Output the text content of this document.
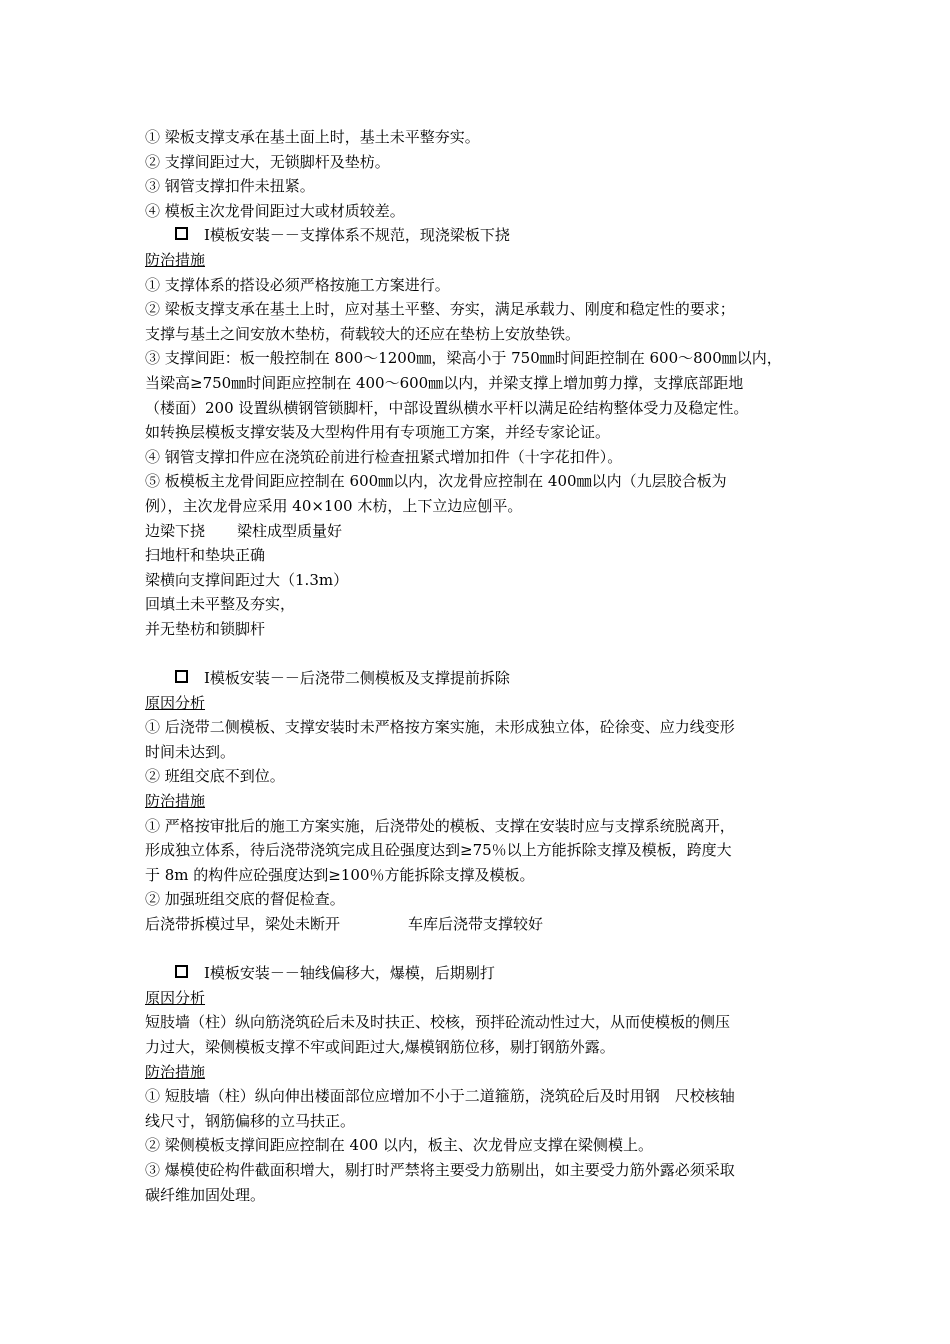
① 梁板支撑支承在基土面上时，基土未平整夯实。
② 支撑间距过大，无锁脚杆及垫枋。
③ 钢管支撑扣件未扭紧。
④ 模板主次龙骨间距过大或材质较差。
Ⅰ模板安装－－支撑体系不规范，现浇梁板下挠
防治措施
① 支撑体系的搭设必须严格按施工方案进行。
② 梁板支撑支承在基土上时，应对基土平整、夯实，满足承载力、刚度和稳定性的要求；
支撑与基土之间安放木垫枋，荷载较大的还应在垫枋上安放垫铁。
③ 支撑间距：板一般控制在 800～1200㎜，梁高小于 750㎜时间距控制在 600～800㎜以内，
当梁高≥750㎜时间距应控制在 400～600㎜以内，并梁支撑上增加剪力撑，支撑底部距地
（楼面）200 设置纵横钢管锁脚杆，中部设置纵横水平杆以满足砼结构整体受力及稳定性。
如转换层模板支撑安装及大型构件用有专项施工方案，并经专家论证。
④ 钢管支撑扣件应在浇筑砼前进行检查扭紧式增加扣件（十字花扣件）。
⑤ 板模板主龙骨间距应控制在 600㎜以内，次龙骨应控制在 400㎜以内（九层胶合板为
例），主次龙骨应采用 40×100 木枋，上下立边应刨平。
边梁下挠 梁柱成型质量好
扫地杆和垫块正确
梁横向支撑间距过大（1.3m）
回填土未平整及夯实，
并无垫枋和锁脚杆
Ⅰ模板安装－－后浇带二侧模板及支撑提前拆除
原因分析
① 后浇带二侧模板、支撑安装时未严格按方案实施，未形成独立体，砼徐变、应力线变形
时间未达到。
② 班组交底不到位。
防治措施
① 严格按审批后的施工方案实施，后浇带处的模板、支撑在安装时应与支撑系统脱离开，
形成独立体系，待后浇带浇筑完成且砼强度达到≥75％以上方能拆除支撑及模板，跨度大
于 8m 的构件应砼强度达到≥100％方能拆除支撑及模板。
② 加强班组交底的督促检查。
后浇带拆模过早，梁处未断开	车库后浇带支撑较好
Ⅰ模板安装－－轴线偏移大，爆模，后期剔打
原因分析
短肢墙（柱）纵向筋浇筑砼后未及时扶正、校核，预拌砼流动性过大，从而使模板的侧压
力过大，梁侧模板支撑不牢或间距过大,爆模钢筋位移，剔打钢筋外露。
防治措施
① 短肢墙（柱）纵向伸出楼面部位应增加不小于二道箍筋，浇筑砼后及时用钢　尺校核轴
线尺寸，钢筋偏移的立马扶正。
② 梁侧模板支撑间距应控制在 400 以内，板主、次龙骨应支撑在梁侧模上。
③ 爆模使砼构件截面积增大，剔打时严禁将主要受力筋剔出，如主要受力筋外露必须采取
碳纤维加固处理。
